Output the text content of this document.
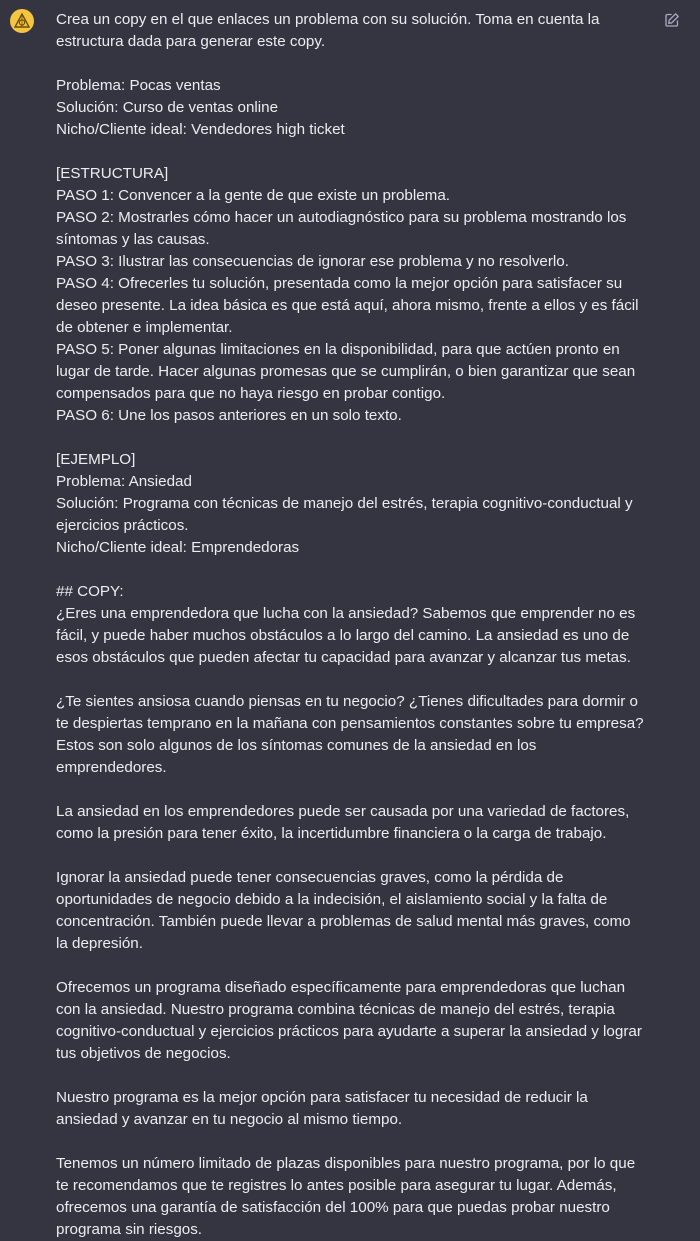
Crea un copy en el que enlaces un problema con su solución. Toma en cuenta la estructura dada para generar este copy.

Problema: Pocas ventas

Solución: Curso de ventas online

Nicho/Cliente ideal: Vendedores high ticket

[ESTRUCTURA]

PASO 1: Convencer a la gente de que existe un problema.

PASO 2: Mostrarles cómo hacer un autodiagnóstico para su problema mostrando los síntomas y las causas.

PASO 3: Ilustrar las consecuencias de ignorar ese problema y no resolverlo.

PASO 4: Ofrecerles tu solución, presentada como la mejor opción para satisfacer su deseo presente. La idea básica es que está aquí, ahora mismo, frente a ellos y es fácil de obtener e implementar.

PASO 5: Poner algunas limitaciones en la disponibilidad, para que actúen pronto en lugar de tarde. Hacer algunas promesas que se cumplirán, o bien garantizar que sean compensados para que no haya riesgo en probar contigo.

PASO 6: Une los pasos anteriores en un solo texto.

[EJEMPLO]

Problema: Ansiedad

Solución: Programa con técnicas de manejo del estrés, terapia cognitivo-conductual y ejercicios prácticos.

Nicho/Cliente ideal: Emprendedoras

## COPY:

¿Eres una emprendedora que lucha con la ansiedad? Sabemos que emprender no es fácil, y puede haber muchos obstáculos a lo largo del camino. La ansiedad es uno de esos obstáculos que pueden afectar tu capacidad para avanzar y alcanzar tus metas.

¿Te sientes ansiosa cuando piensas en tu negocio? ¿Tienes dificultades para dormir o te despiertas temprano en la mañana con pensamientos constantes sobre tu empresa? Estos son solo algunos de los síntomas comunes de la ansiedad en los emprendedores.

La ansiedad en los emprendedores puede ser causada por una variedad de factores, como la presión para tener éxito, la incertidumbre financiera o la carga de trabajo.

Ignorar la ansiedad puede tener consecuencias graves, como la pérdida de oportunidades de negocio debido a la indecisión, el aislamiento social y la falta de concentración. También puede llevar a problemas de salud mental más graves, como la depresión.

Ofrecemos un programa diseñado específicamente para emprendedoras que luchan con la ansiedad. Nuestro programa combina técnicas de manejo del estrés, terapia cognitivo-conductual y ejercicios prácticos para ayudarte a superar la ansiedad y lograr tus objetivos de negocios.

Nuestro programa es la mejor opción para satisfacer tu necesidad de reducir la ansiedad y avanzar en tu negocio al mismo tiempo.

Tenemos un número limitado de plazas disponibles para nuestro programa, por lo que te recomendamos que te registres lo antes posible para asegurar tu lugar. Además, ofrecemos una garantía de satisfacción del 100% para que puedas probar nuestro programa sin riesgos.
